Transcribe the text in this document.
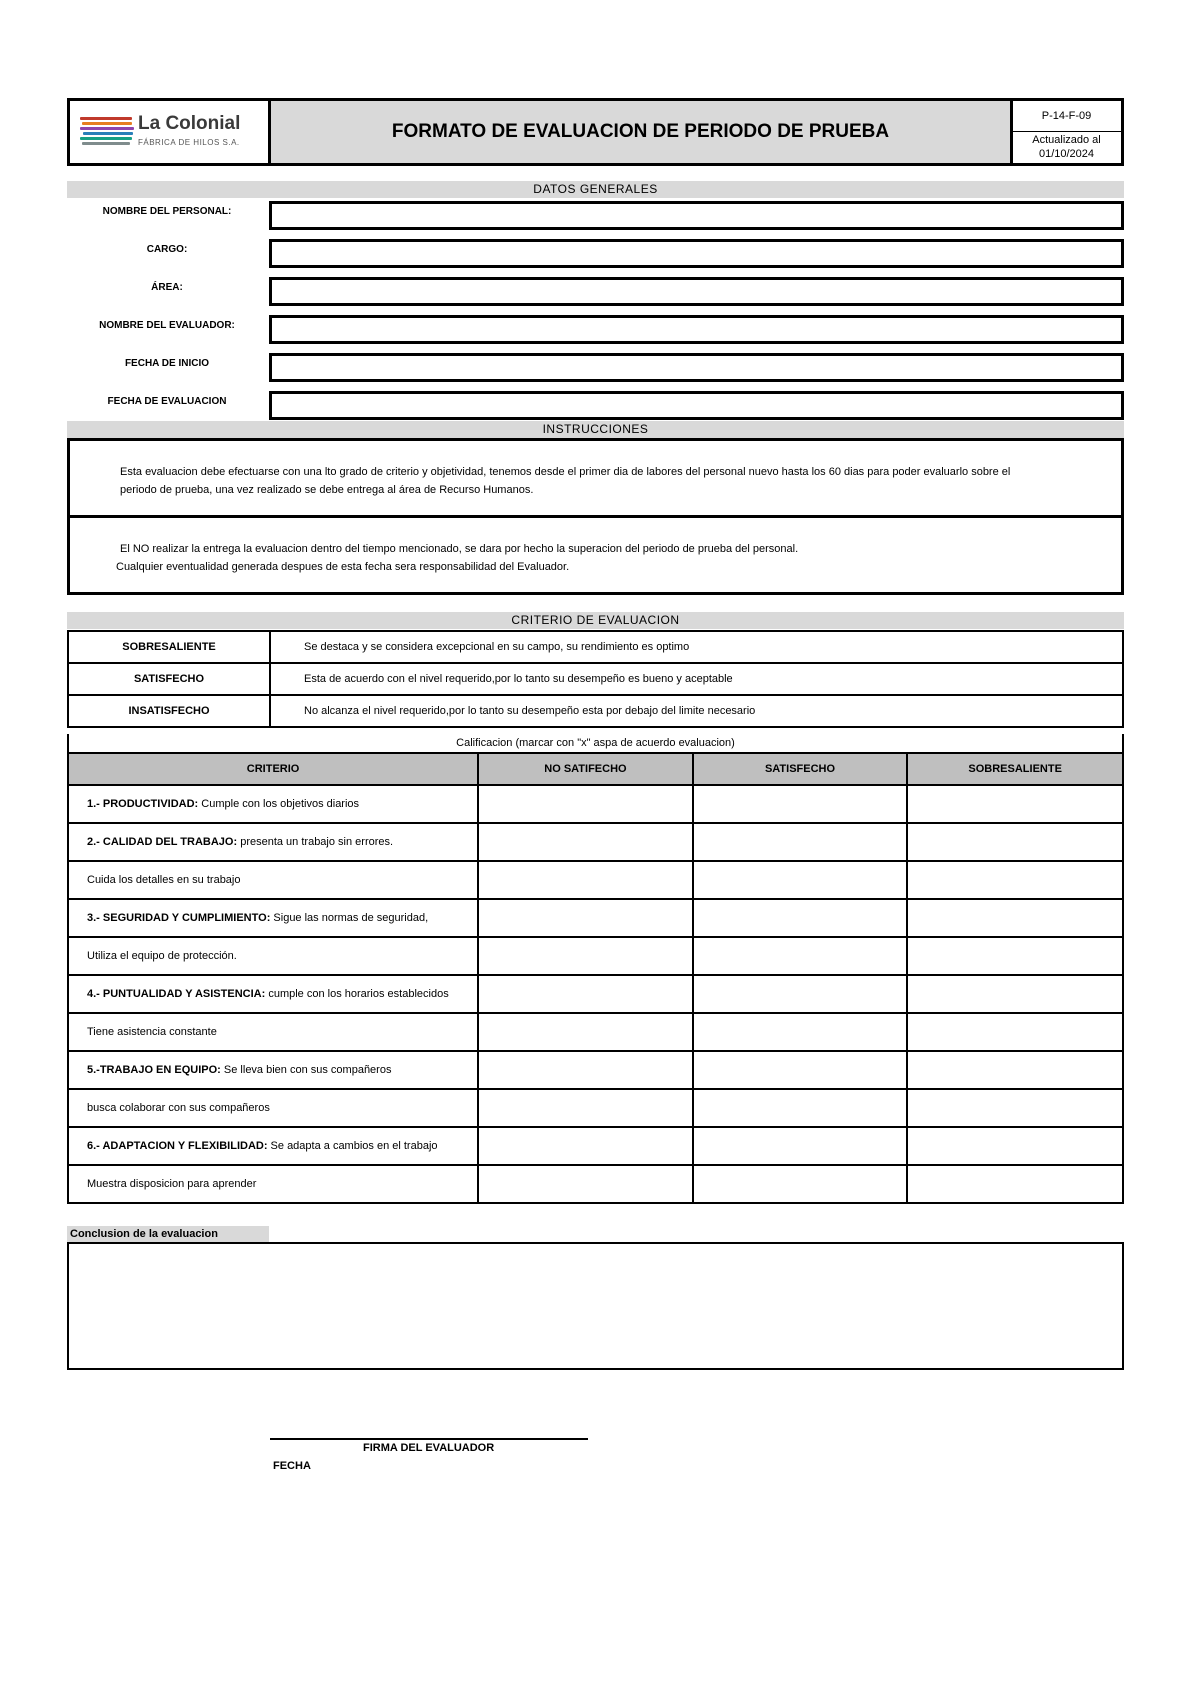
La Colonial
FÁBRICA DE HILOS S.A.
FORMATO DE EVALUACION DE PERIODO DE PRUEBA
P-14-F-09
Actualizado al
01/10/2024
DATOS GENERALES
NOMBRE DEL PERSONAL:
CARGO:
ÁREA:
NOMBRE DEL EVALUADOR:
FECHA DE INICIO
FECHA DE EVALUACION
INSTRUCCIONES
Esta evaluacion debe efectuarse con una lto grado de criterio y objetividad, tenemos desde el primer dia de labores del personal nuevo hasta los 60 dias para poder evaluarlo sobre el
periodo de prueba, una vez realizado se debe entrega al área de Recurso Humanos.
El NO realizar la entrega la evaluacion dentro del tiempo mencionado, se dara por hecho la superacion del periodo de prueba del personal.
Cualquier eventualidad generada despues de esta fecha sera responsabilidad del Evaluador.
CRITERIO DE EVALUACION
SOBRESALIENTE	Se destaca y se considera excepcional en su campo, su rendimiento es optimo
SATISFECHO	Esta de acuerdo con el nivel requerido,por lo tanto su desempeño es bueno y aceptable
INSATISFECHO	No alcanza el nivel requerido,por lo tanto su desempeño esta por debajo del limite necesario
Calificacion (marcar con "x" aspa de acuerdo evaluacion)
CRITERIO	NO SATIFECHO	SATISFECHO	SOBRESALIENTE
1.- PRODUCTIVIDAD: Cumple con los objetivos diarios			
2.- CALIDAD DEL TRABAJO: presenta un trabajo sin errores.			
Cuida los detalles en su trabajo			
3.- SEGURIDAD Y CUMPLIMIENTO: Sigue las normas de seguridad,			
Utiliza el equipo de protección.			
4.- PUNTUALIDAD Y ASISTENCIA: cumple con los horarios establecidos			
Tiene asistencia constante			
5.-TRABAJO EN EQUIPO: Se lleva bien con sus compañeros			
busca colaborar con sus compañeros			
6.- ADAPTACION Y FLEXIBILIDAD: Se adapta a cambios en el trabajo			
Muestra disposicion para aprender			
Conclusion de la evaluacion
FIRMA DEL EVALUADOR
FECHA
